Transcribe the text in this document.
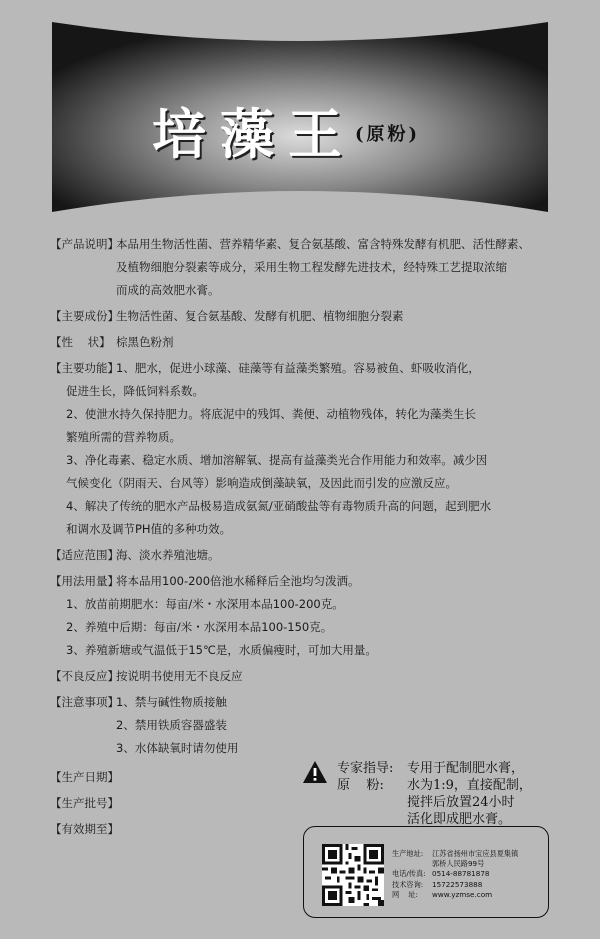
培藻王 (原粉)
【产品说明】
本品用生物活性菌、营养精华素、复合氨基酸、富含特殊发酵有机肥、活性酵素、
及植物细胞分裂素等成分，采用生物工程发酵先进技术，经特殊工艺提取浓缩
而成的高效肥水膏。
【主要成份】
生物活性菌、复合氨基酸、发酵有机肥、植物细胞分裂素
【性    状】 棕黑色粉剂
【主要功能】
1、肥水，促进小球藻、硅藻等有益藻类繁殖。容易被鱼、虾吸收消化，
促进生长，降低饲料系数。
2、使泄水持久保持肥力。将底泥中的残饵、粪便、动植物残体，转化为藻类生长
繁殖所需的营养物质。
3、净化毒素、稳定水质、增加溶解氧、提高有益藻类光合作用能力和效率。减少因
气候变化（阴雨天、台风等）影响造成倒藻缺氧，及因此而引发的应激反应。
4、解决了传统的肥水产品极易造成氨氮/亚硝酸盐等有毒物质升高的问题，起到肥水
和调水及调节PH值的多种功效。
【适应范围】
海、淡水养殖池塘。
【用法用量】
将本品用100-200倍池水稀释后全池均匀泼洒。
1、放苗前期肥水：每亩/米・水深用本品100-200克。
2、养殖中后期：每亩/米・水深用本品100-150克。
3、养殖新塘或气温低于15℃是，水质偏瘦时，可加大用量。
【不良反应】
按说明书使用无不良反应
【注意事项】
1、禁与碱性物质接触
2、禁用铁质容器盛装
3、水体缺氧时请勿使用
【生产日期】
【生产批号】
【有效期至】
专家指导:	专用于配制肥水膏，
原    粉:	水为1:9，直接配制，
搅拌后放置24小时
活化即成肥水膏。
生产地址:	江苏省扬州市宝应县夏集镇
郭桥人民路99号
电话/传真: 0514-88781878
技术咨询:	15722573888
网    址:	www.yzmse.com
